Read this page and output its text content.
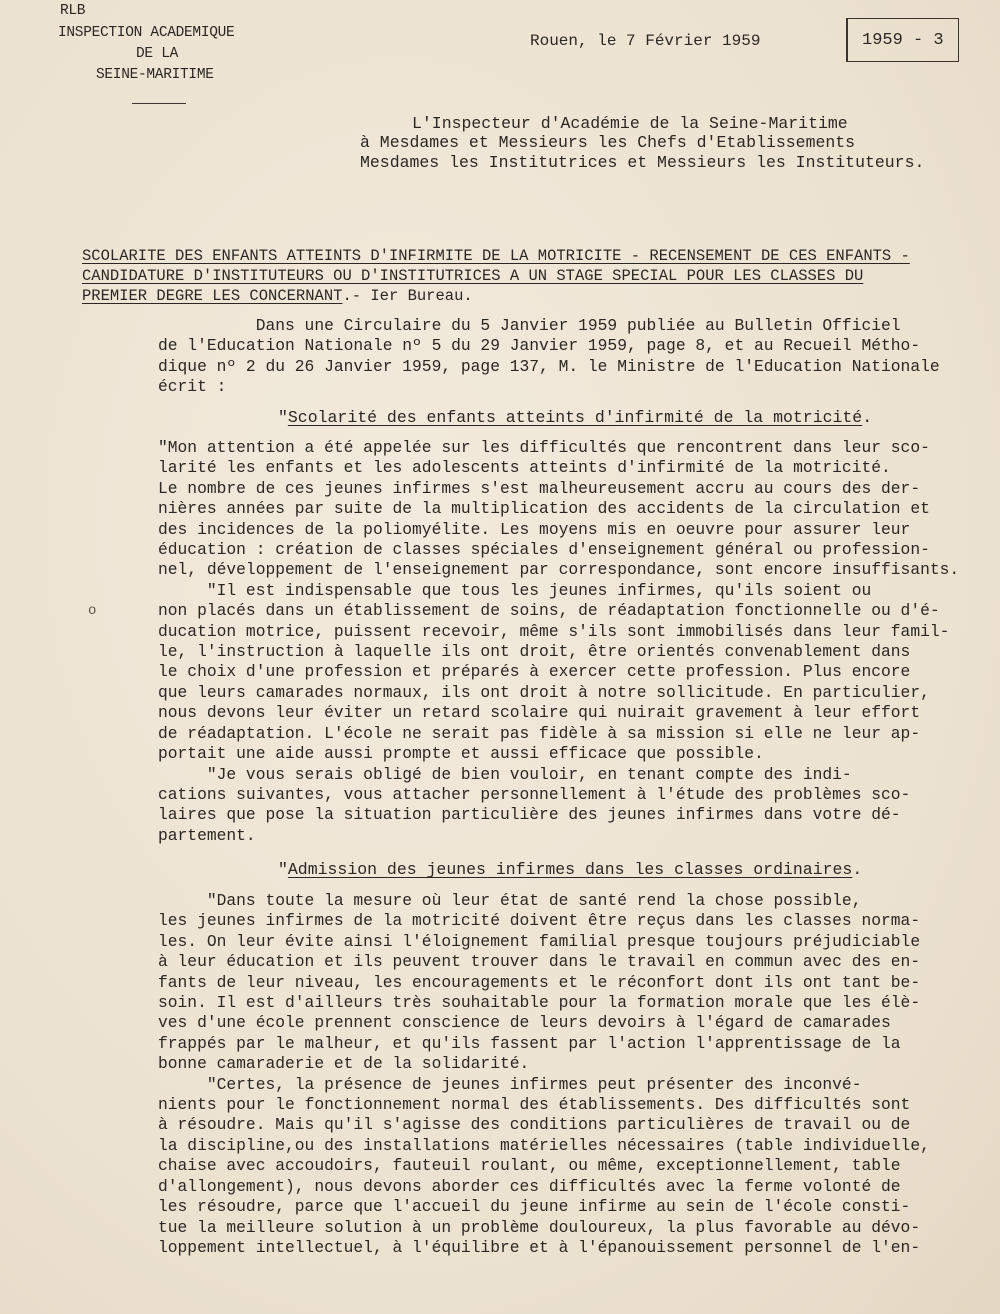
RLB
INSPECTION ACADEMIQUE
DE LA
SEINE-MARITIME
Rouen, le 7 Février 1959	1959 - 3
L'Inspecteur d'Académie de la Seine-Maritime
à Mesdames et Messieurs les Chefs d'Etablissements
Mesdames les Institutrices et Messieurs les Instituteurs.
SCOLARITE DES ENFANTS ATTEINTS D'INFIRMITE DE LA MOTRICITE - RECENSEMENT DE CES ENFANTS -
CANDIDATURE D'INSTITUTEURS OU D'INSTITUTRICES A UN STAGE SPECIAL POUR LES CLASSES DU
PREMIER DEGRE LES CONCERNANT.- Ier Bureau.

Dans une Circulaire du 5 Janvier 1959 publiée au Bulletin Officiel

de l'Education Nationale nº 5 du 29 Janvier 1959, page 8, et au Recueil Métho-

dique nº 2 du 26 Janvier 1959, page 137, M. le Ministre de l'Education Nationale

écrit :

"Scolarité des enfants atteints d'infirmité de la motricité.

"Mon attention a été appelée sur les difficultés que rencontrent dans leur sco-

larité les enfants et les adolescents atteints d'infirmité de la motricité.

Le nombre de ces jeunes infirmes s'est malheureusement accru au cours des der-

nières années par suite de la multiplication des accidents de la circulation et

des incidences de la poliomyélite. Les moyens mis en oeuvre pour assurer leur

éducation : création de classes spéciales d'enseignement général ou profession-

nel, développement de l'enseignement par correspondance, sont encore insuffisants.

"Il est indispensable que tous les jeunes infirmes, qu'ils soient ou

non placés dans un établissement de soins, de réadaptation fonctionnelle ou d'é-

ducation motrice, puissent recevoir, même s'ils sont immobilisés dans leur famil-

le, l'instruction à laquelle ils ont droit, être orientés convenablement dans

le choix d'une profession et préparés à exercer cette profession. Plus encore

que leurs camarades normaux, ils ont droit à notre sollicitude. En particulier,

nous devons leur éviter un retard scolaire qui nuirait gravement à leur effort

de réadaptation. L'école ne serait pas fidèle à sa mission si elle ne leur ap-

portait une aide aussi prompte et aussi efficace que possible.

"Je vous serais obligé de bien vouloir, en tenant compte des indi-

cations suivantes, vous attacher personnellement à l'étude des problèmes sco-

laires que pose la situation particulière des jeunes infirmes dans votre dé-

partement.

o
"Admission des jeunes infirmes dans les classes ordinaires.

"Dans toute la mesure où leur état de santé rend la chose possible,

les jeunes infirmes de la motricité doivent être reçus dans les classes norma-

les. On leur évite ainsi l'éloignement familial presque toujours préjudiciable

à leur éducation et ils peuvent trouver dans le travail en commun avec des en-

fants de leur niveau, les encouragements et le réconfort dont ils ont tant be-

soin. Il est d'ailleurs très souhaitable pour la formation morale que les élè-

ves d'une école prennent conscience de leurs devoirs à l'égard de camarades

frappés par le malheur, et qu'ils fassent par l'action l'apprentissage de la

bonne camaraderie et de la solidarité.

"Certes, la présence de jeunes infirmes peut présenter des inconvé-

nients pour le fonctionnement normal des établissements. Des difficultés sont

à résoudre. Mais qu'il s'agisse des conditions particulières de travail ou de

la discipline,ou des installations matérielles nécessaires (table individuelle,

chaise avec accoudoirs, fauteuil roulant, ou même, exceptionnellement, table

d'allongement), nous devons aborder ces difficultés avec la ferme volonté de

les résoudre, parce que l'accueil du jeune infirme au sein de l'école consti-

tue la meilleure solution à un problème douloureux, la plus favorable au dévo-

loppement intellectuel, à l'équilibre et à l'épanouissement personnel de l'en-
